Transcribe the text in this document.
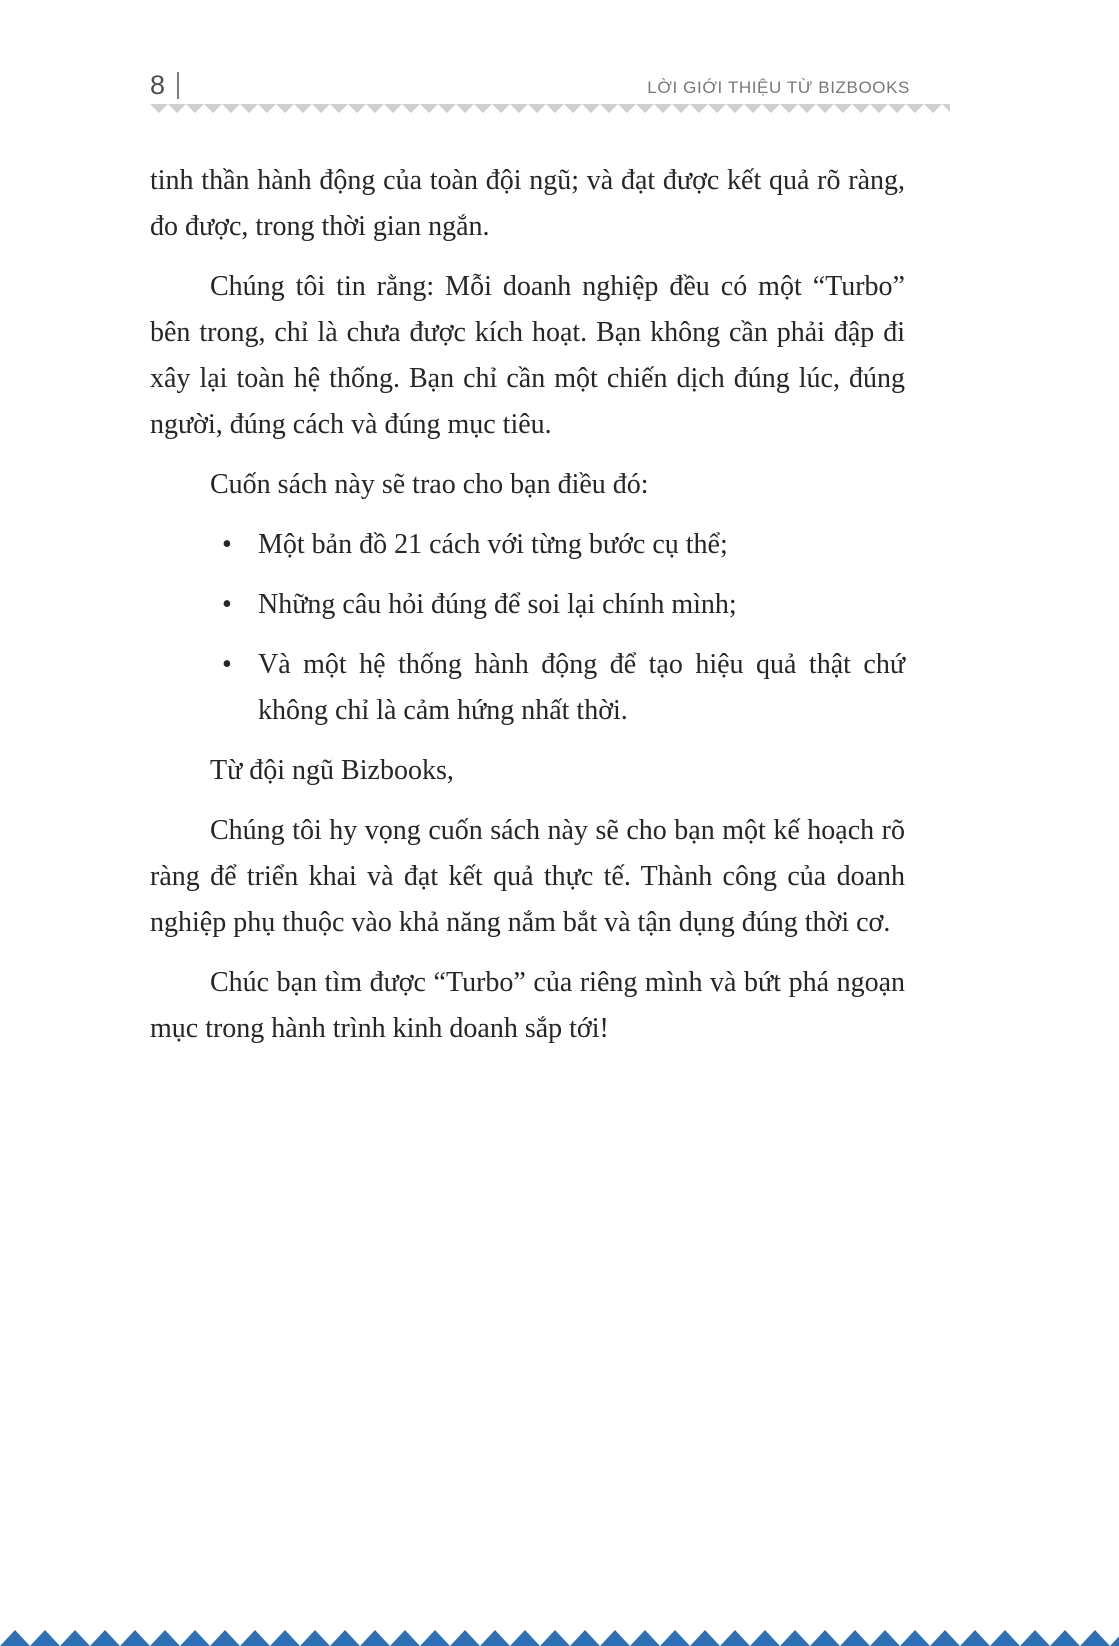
8	LỜI GIỚI THIỆU TỪ BIZBOOKS

tinh thần hành động của toàn đội ngũ; và đạt được kết quả rõ ràng, đo được, trong thời gian ngắn.

Chúng tôi tin rằng: Mỗi doanh nghiệp đều có một “Turbo” bên trong, chỉ là chưa được kích hoạt. Bạn không cần phải đập đi xây lại toàn hệ thống. Bạn chỉ cần một chiến dịch đúng lúc, đúng người, đúng cách và đúng mục tiêu.

Cuốn sách này sẽ trao cho bạn điều đó:

• Một bản đồ 21 cách với từng bước cụ thể;
• Những câu hỏi đúng để soi lại chính mình;
• Và một hệ thống hành động để tạo hiệu quả thật chứ không chỉ là cảm hứng nhất thời.

Từ đội ngũ Bizbooks,

Chúng tôi hy vọng cuốn sách này sẽ cho bạn một kế hoạch rõ ràng để triển khai và đạt kết quả thực tế. Thành công của doanh nghiệp phụ thuộc vào khả năng nắm bắt và tận dụng đúng thời cơ.

Chúc bạn tìm được “Turbo” của riêng mình và bứt phá ngoạn mục trong hành trình kinh doanh sắp tới!
